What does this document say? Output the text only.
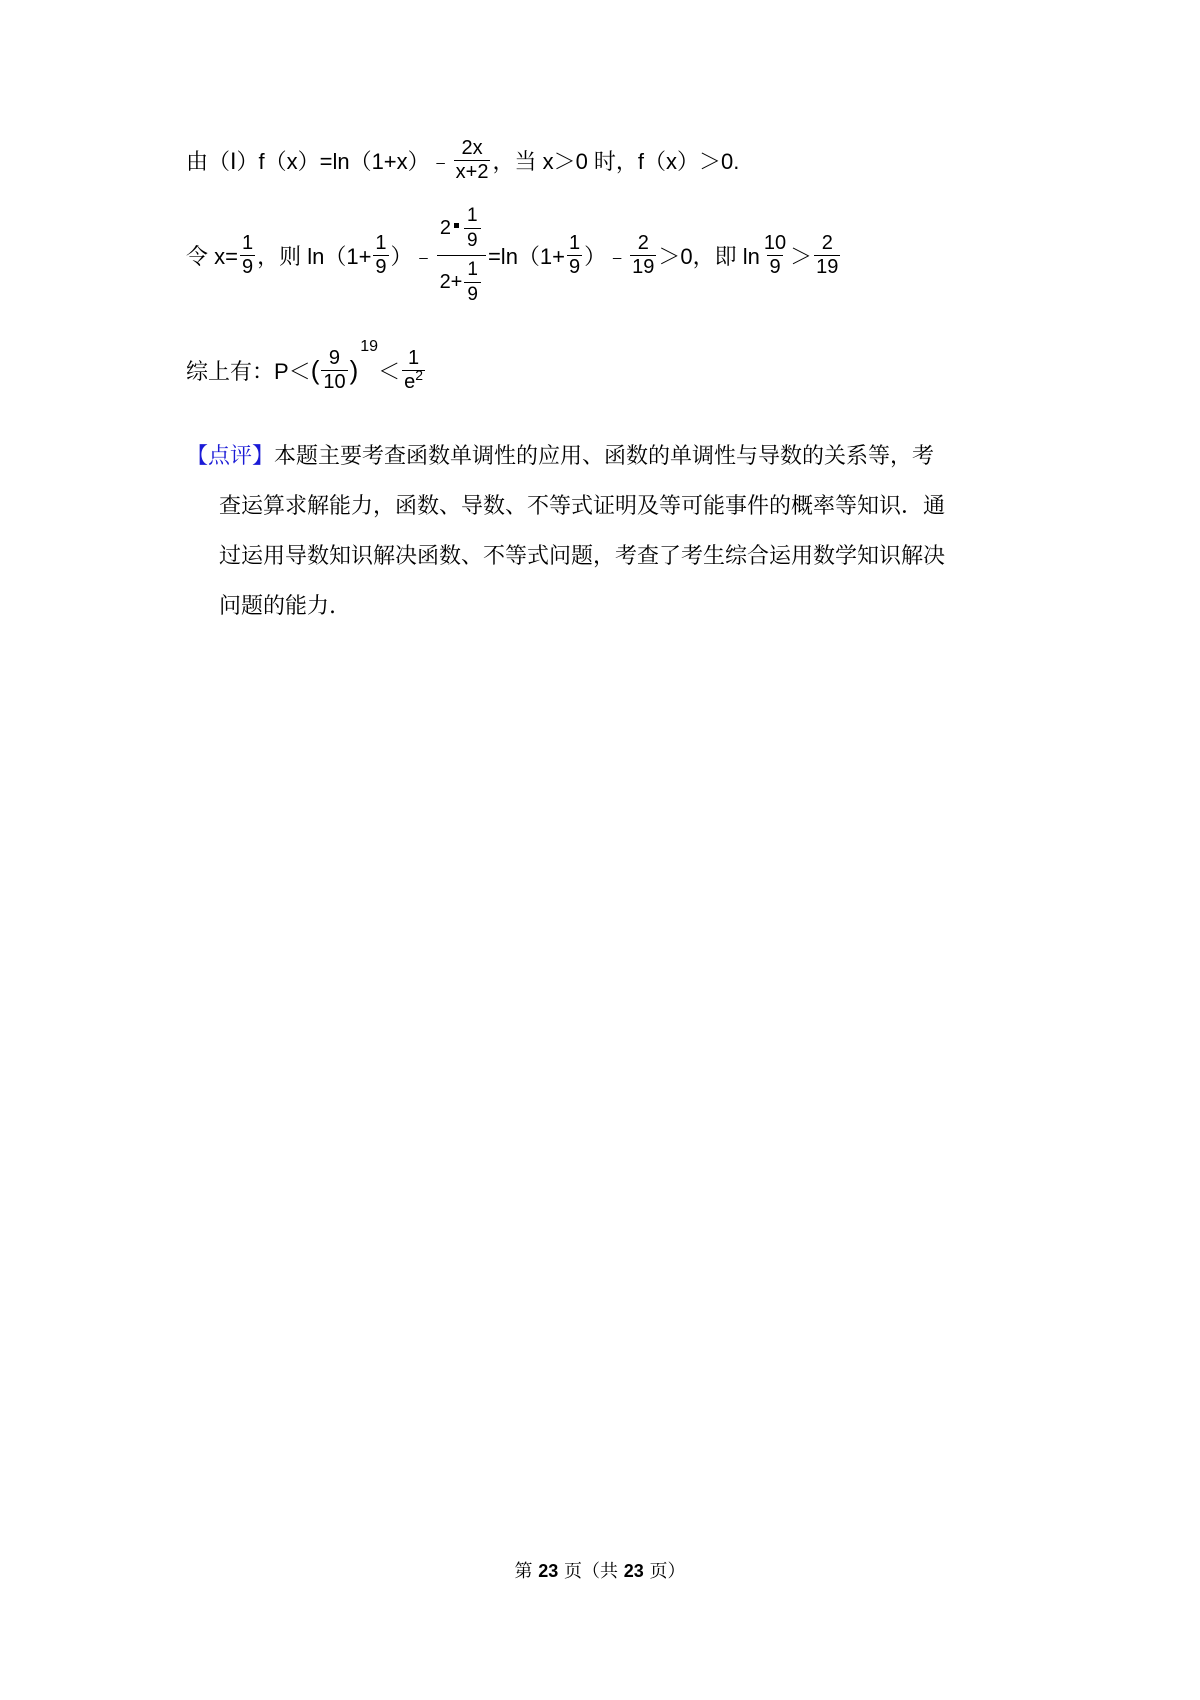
由（Ⅰ）f（x）=ln（1+x）﹣ $\frac{2x}{x+2}$ ，当 x＞0 时，f（x）＞0.
令 $x= \frac{1}{9}$ ，则 $\ln(1+ \frac{1}{9}$ ）﹣ $\frac{2 \frac{1}{9}}{2+ \frac{1}{9}} =\ln(1+ \frac{1}{9}$ ）﹣ $\frac{2}{19} >0$，即 $\ln \frac{10}{9} > \frac{2}{19}$
综上有：P＜ ( $\frac{9}{10}$ )
19
＜ $\frac{1}{e^2}$

【点评】本题主要考查函数单调性的应用、函数的单调性与导数的关系等，考

查运算求解能力，函数、导数、不等式证明及等可能事件的概率等知识．通

过运用导数知识解决函数、不等式问题，考查了考生综合运用数学知识解决

问题的能力.

第 23 页（共 23 页）
